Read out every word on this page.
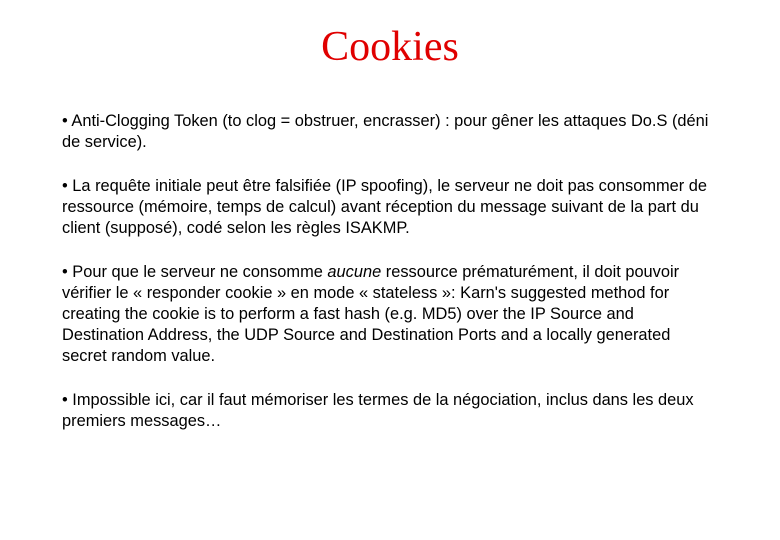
Cookies
• Anti-Clogging Token (to clog = obstruer, encrasser) : pour gêner les attaques Do.S (déni de service).
• La requête initiale peut être falsifiée (IP spoofing), le serveur ne doit pas consommer de ressource (mémoire, temps de calcul) avant réception du message suivant de la part du client (supposé), codé selon les règles ISAKMP.
• Pour que le serveur ne consomme aucune ressource prématurément, il doit pouvoir vérifier le « responder cookie » en mode « stateless »: Karn's suggested method for creating the cookie is to perform a fast hash (e.g. MD5) over the IP Source and Destination Address, the UDP Source and Destination Ports and a locally generated secret random value.
• Impossible ici, car il faut mémoriser les termes de la négociation, inclus dans les deux premiers messages…
